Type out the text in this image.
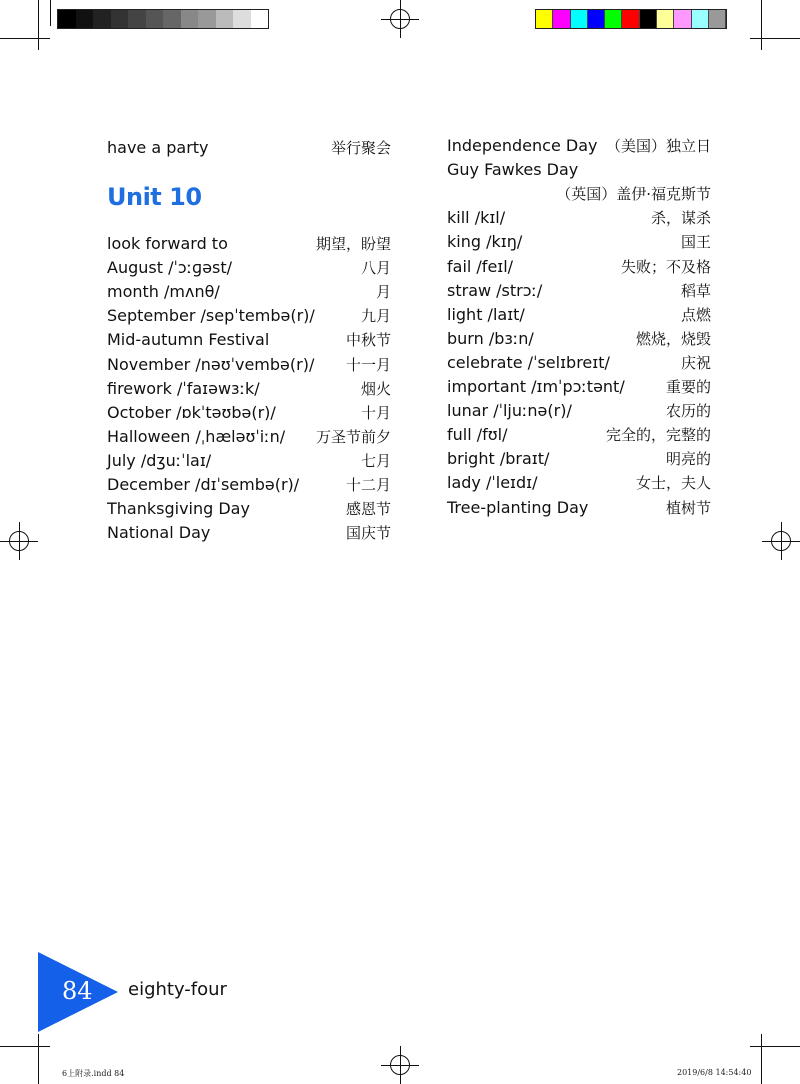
have a party	举行聚会
Unit 10
look forward to	期望，盼望
August /ˈɔːɡəst/	八月
month /mʌnθ/	月
September /sepˈtembə(r)/	九月
Mid-autumn Festival	中秋节
November /nəʊˈvembə(r)/ 十一月
firework /ˈfaɪəwɜːk/	烟火
October /ɒkˈtəʊbə(r)/	十月
Halloween /ˌhæləʊˈiːn/ 万圣节前夕
July /dʒuːˈlaɪ/	七月
December /dɪˈsembə(r)/	十二月
Thanksgiving Day	感恩节
National Day	国庆节
Independence Day （美国）独立日
Guy Fawkes Day
（英国）盖伊·福克斯节
kill /kɪl/	杀，谋杀
king /kɪŋ/	国王
fail /feɪl/	失败；不及格
straw /strɔː/	稻草
light /laɪt/	点燃
burn /bɜːn/	燃烧，烧毁
celebrate /ˈselɪbreɪt/	庆祝
important /ɪmˈpɔːtənt/	重要的
lunar /ˈljuːnə(r)/	农历的
full /fʊl/	完全的，完整的
bright /braɪt/	明亮的
lady /ˈleɪdɪ/	女士，夫人
Tree-planting Day	植树节
84 eighty-four
6上附录.indd 84	2019/6/8 14:54:40
